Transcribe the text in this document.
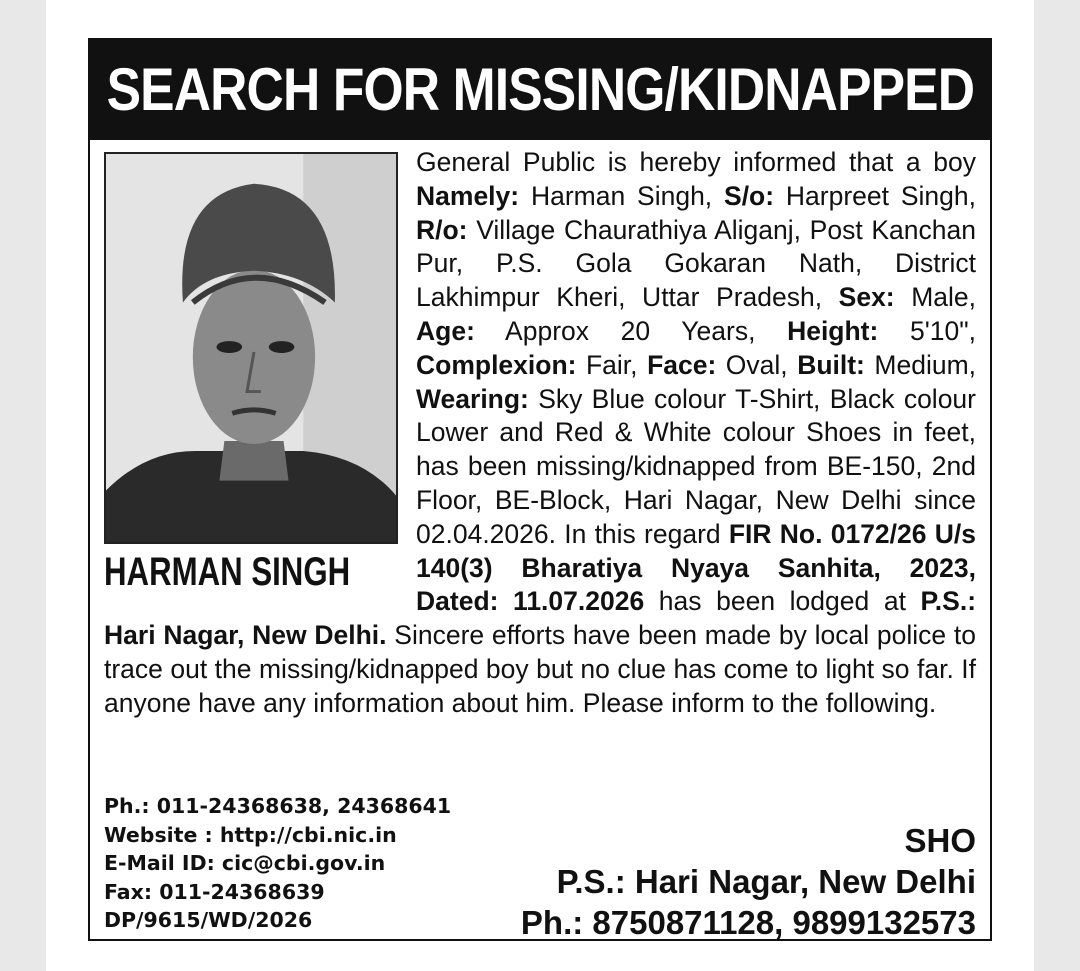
SEARCH FOR MISSING/KIDNAPPED
General Public is hereby informed that a boy Namely: Harman Singh, S/o: Harpreet Singh, R/o: Village Chaurathiya Aliganj, Post Kanchan Pur, P.S. Gola Gokaran Nath, District Lakhimpur Kheri, Uttar Pradesh, Sex: Male, Age: Approx 20 Years, Height: 5'10", Complexion: Fair, Face: Oval, Built: Medium, Wearing: Sky Blue colour T-Shirt, Black colour Lower and Red & White colour Shoes in feet, has been missing/kidnapped from BE-150, 2nd Floor, BE-Block, Hari Nagar, New Delhi since 02.04.2026. In this regard FIR No. 0172/26 U/s 140(3) Bharatiya Nyaya Sanhita, 2023, Dated: 11.07.2026 has been lodged at P.S.: Hari Nagar, New Delhi. Sincere efforts have been made by local police to trace out the missing/kidnapped boy but no clue has come to light so far. If anyone have any information about him. Please inform to the following.
HARMAN SINGH
Ph.: 011-24368638, 24368641
Website : http://cbi.nic.in
E-Mail ID: cic@cbi.gov.in
Fax: 011-24368639
DP/9615/WD/2026
SHO
P.S.: Hari Nagar, New Delhi
Ph.: 8750871128, 9899132573
